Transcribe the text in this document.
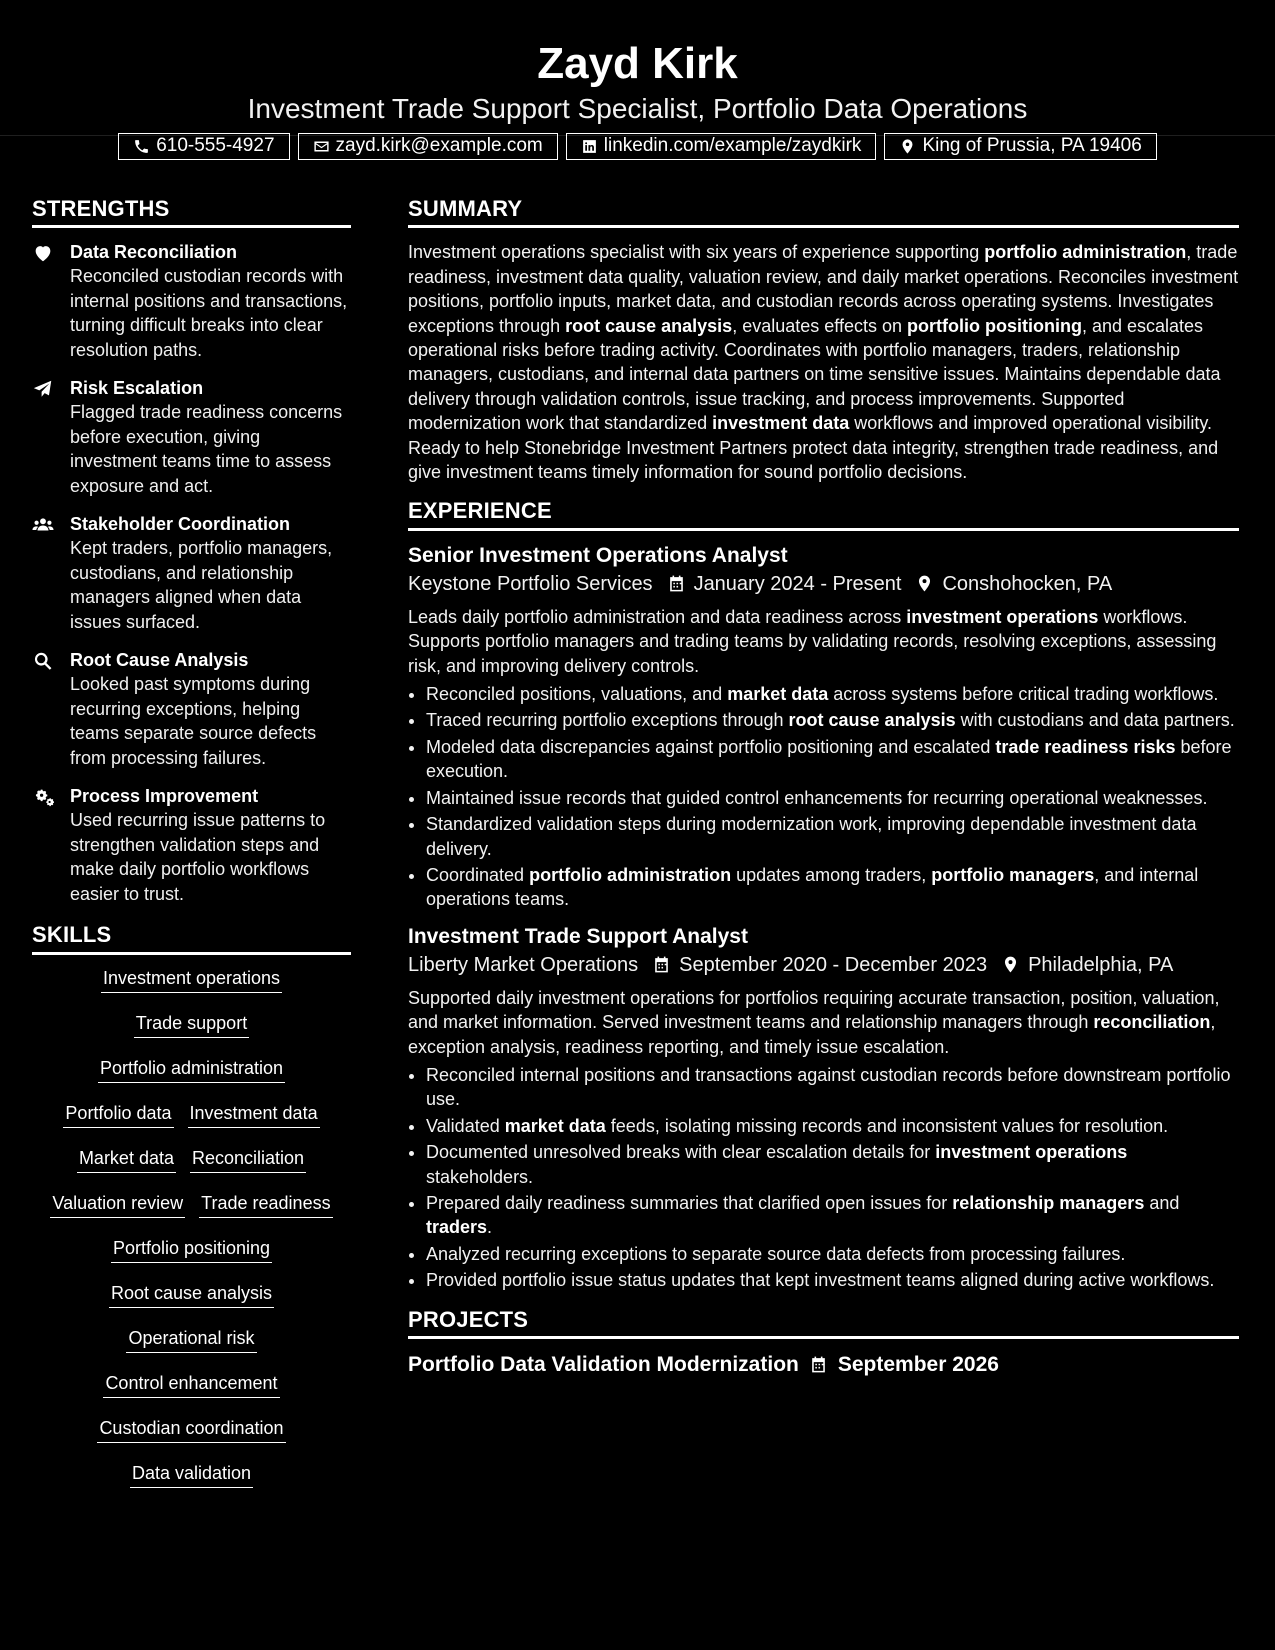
Zayd Kirk
Investment Trade Support Specialist, Portfolio Data Operations
610-555-4927	zayd.kirk@example.com	linkedin.com/example/zaydkirk	King of Prussia, PA 19406
STRENGTHS
Data Reconciliation
Reconciled custodian records with internal positions and transactions, turning difficult breaks into clear resolution paths.
Risk Escalation
Flagged trade readiness concerns before execution, giving investment teams time to assess exposure and act.
Stakeholder Coordination
Kept traders, portfolio managers, custodians, and relationship managers aligned when data issues surfaced.
Root Cause Analysis
Looked past symptoms during recurring exceptions, helping teams separate source defects from processing failures.
Process Improvement
Used recurring issue patterns to strengthen validation steps and make daily portfolio workflows easier to trust.
SKILLS
Investment operations
Trade support
Portfolio administration
Portfolio data Investment data
Market data Reconciliation
Valuation review Trade readiness
Portfolio positioning
Root cause analysis
Operational risk
Control enhancement
Custodian coordination
Data validation
SUMMARY

Investment operations specialist with six years of experience supporting portfolio administration, trade readiness, investment data quality, valuation review, and daily market operations. Reconciles investment positions, portfolio inputs, market data, and custodian records across operating systems. Investigates exceptions through root cause analysis, evaluates effects on portfolio positioning, and escalates operational risks before trading activity. Coordinates with portfolio managers, traders, relationship managers, custodians, and internal data partners on time sensitive issues. Maintains dependable data delivery through validation controls, issue tracking, and process improvements. Supported modernization work that standardized investment data workflows and improved operational visibility. Ready to help Stonebridge Investment Partners protect data integrity, strengthen trade readiness, and give investment teams timely information for sound portfolio decisions.

EXPERIENCE
Senior Investment Operations Analyst
Keystone Portfolio Services January 2024 - Present Conshohocken, PA

Leads daily portfolio administration and data readiness across investment operations workflows. Supports portfolio managers and trading teams by validating records, resolving exceptions, assessing risk, and improving delivery controls.

• Reconciled positions, valuations, and market data across systems before critical trading workflows.
• Traced recurring portfolio exceptions through root cause analysis with custodians and data partners.
• Modeled data discrepancies against portfolio positioning and escalated trade readiness risks before execution.
• Maintained issue records that guided control enhancements for recurring operational weaknesses.
• Standardized validation steps during modernization work, improving dependable investment data delivery.
• Coordinated portfolio administration updates among traders, portfolio managers, and internal operations teams.
Investment Trade Support Analyst
Liberty Market Operations September 2020 - December 2023 Philadelphia, PA

Supported daily investment operations for portfolios requiring accurate transaction, position, valuation, and market information. Served investment teams and relationship managers through reconciliation, exception analysis, readiness reporting, and timely issue escalation.

• Reconciled internal positions and transactions against custodian records before downstream portfolio use.
• Validated market data feeds, isolating missing records and inconsistent values for resolution.
• Documented unresolved breaks with clear escalation details for investment operations stakeholders.
• Prepared daily readiness summaries that clarified open issues for relationship managers and traders.
• Analyzed recurring exceptions to separate source data defects from processing failures.
• Provided portfolio issue status updates that kept investment teams aligned during active workflows.
PROJECTS
Portfolio Data Validation Modernization September 2026
